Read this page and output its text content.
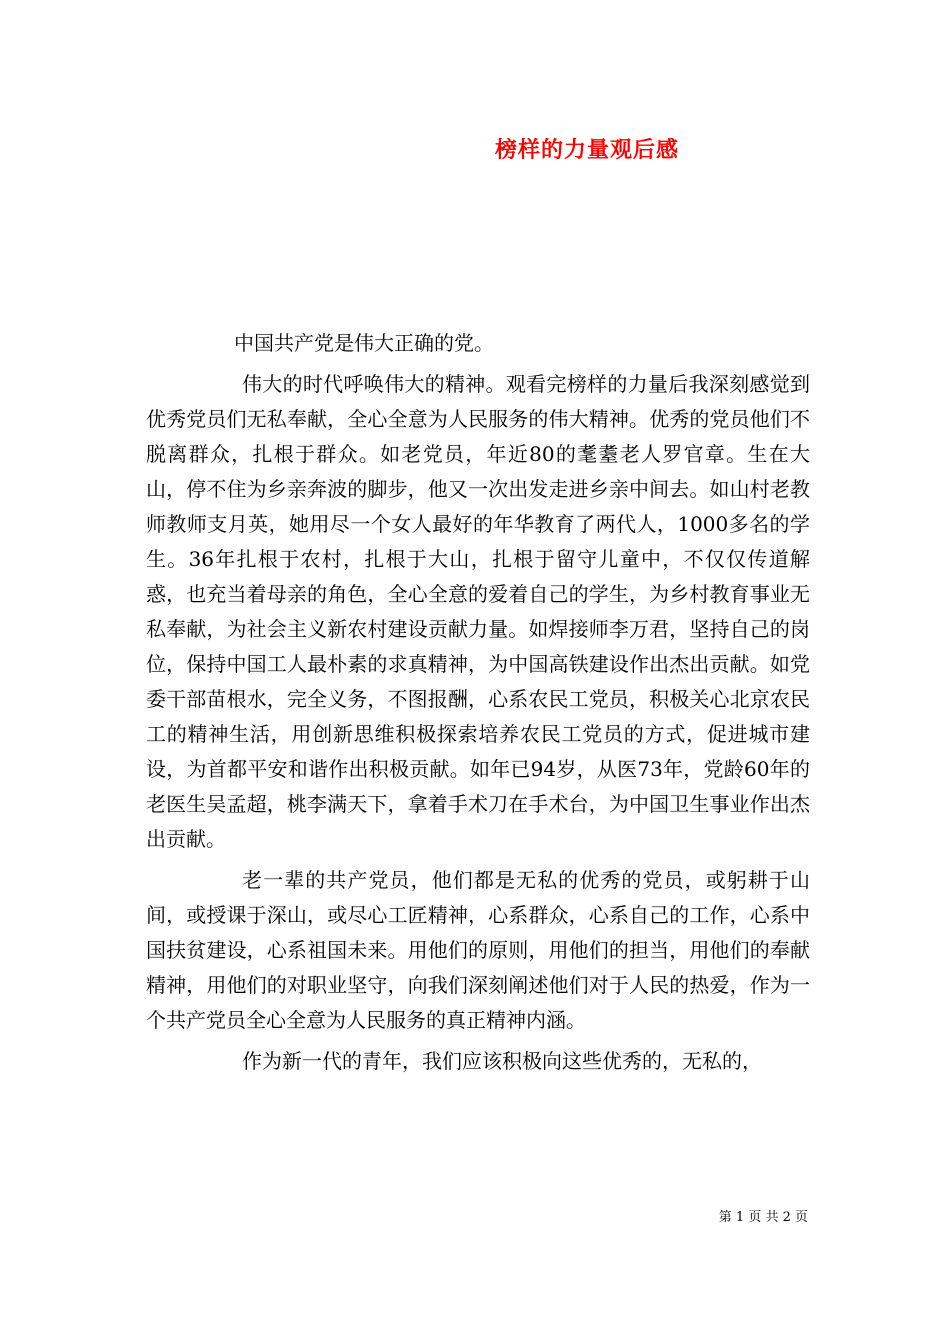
榜样的力量观后感

中国共产党是伟大正确的党。

伟大的时代呼唤伟大的精神。观看完榜样的力量后我深刻感觉到优秀党员们无私奉献，全心全意为人民服务的伟大精神。优秀的党员他们不脱离群众，扎根于群众。如老党员，年近80的耄耋老人罗官章。生在大山，停不住为乡亲奔波的脚步，他又一次出发走进乡亲中间去。如山村老教师教师支月英，她用尽一个女人最好的年华教育了两代人，1000多名的学生。36年扎根于农村，扎根于大山，扎根于留守儿童中，不仅仅传道解惑，也充当着母亲的角色，全心全意的爱着自己的学生，为乡村教育事业无私奉献，为社会主义新农村建设贡献力量。如焊接师李万君，坚持自己的岗位，保持中国工人最朴素的求真精神，为中国高铁建设作出杰出贡献。如党委干部苗根水，完全义务，不图报酬，心系农民工党员，积极关心北京农民工的精神生活，用创新思维积极探索培养农民工党员的方式，促进城市建设，为首都平安和谐作出积极贡献。如年已94岁，从医73年，党龄60年的老医生吴孟超，桃李满天下，拿着手术刀在手术台，为中国卫生事业作出杰出贡献。

老一辈的共产党员，他们都是无私的优秀的党员，或躬耕于山间，或授课于深山，或尽心工匠精神，心系群众，心系自己的工作，心系中国扶贫建设，心系祖国未来。用他们的原则，用他们的担当，用他们的奉献精神，用他们的对职业坚守，向我们深刻阐述他们对于人民的热爱，作为一个共产党员全心全意为人民服务的真正精神内涵。

作为新一代的青年，我们应该积极向这些优秀的，无私的，

第 1 页 共 2 页
